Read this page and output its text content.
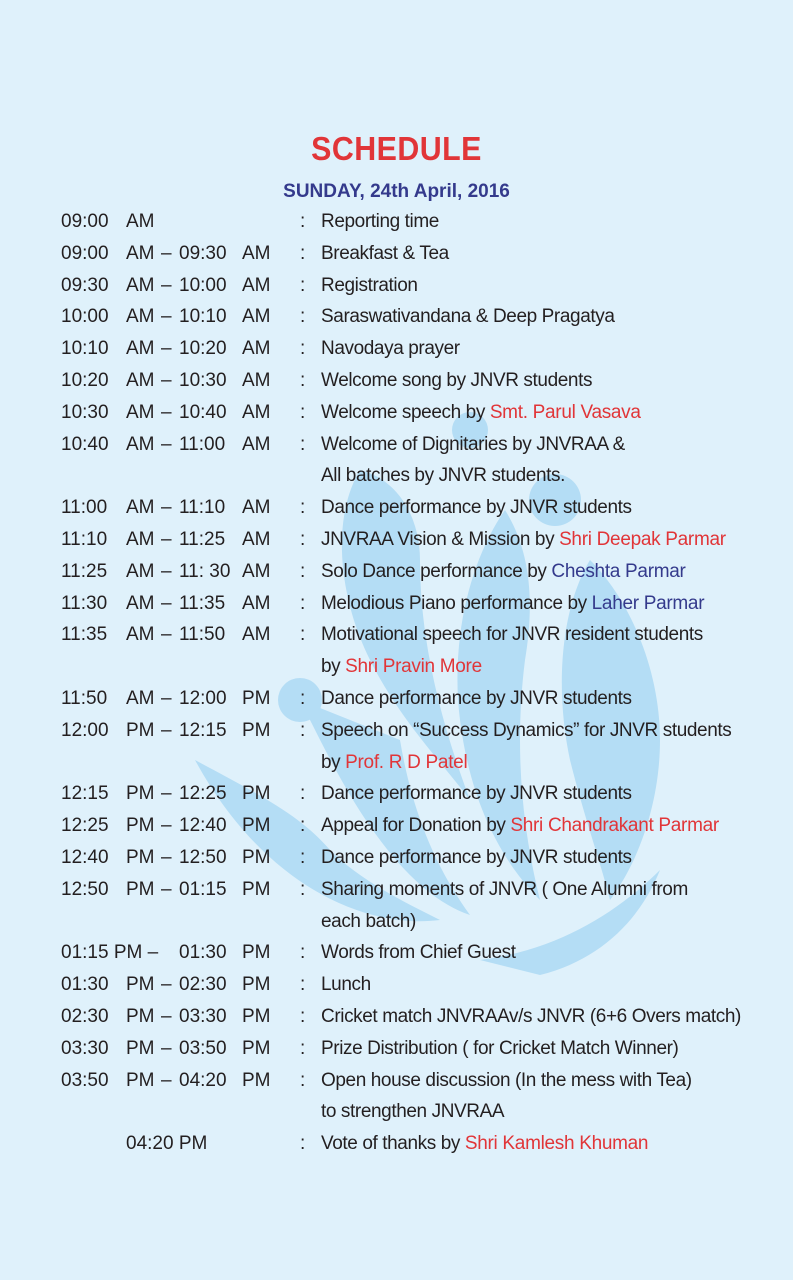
SCHEDULE
SUNDAY, 24th April, 2016
09:00 AM	: Reporting time
09:00 AM – 09:30 AM : Breakfast & Tea
09:30 AM – 10:00 AM : Registration
10:00 AM – 10:10 AM : Saraswativandana & Deep Pragatya
10:10 AM – 10:20 AM : Navodaya prayer
10:20 AM – 10:30 AM : Welcome song by JNVR students
10:30 AM – 10:40 AM : Welcome speech by Smt. Parul Vasava
10:40 AM – 11:00 AM : Welcome of Dignitaries by JNVRAA &
All batches by JNVR students.
11:00 AM – 11:10 AM : Dance performance by JNVR students
11:10 AM – 11:25 AM : JNVRAA Vision & Mission by Shri Deepak Parmar
11:25 AM – 11: 30 AM : Solo Dance performance by Cheshta Parmar
11:30 AM – 11:35 AM : Melodious Piano performance by Laher Parmar
11:35 AM – 11:50 AM : Motivational speech for JNVR resident students
by Shri Pravin More
11:50 AM – 12:00 PM : Dance performance by JNVR students
12:00 PM – 12:15 PM : Speech on “Success Dynamics” for JNVR students
by Prof. R D Patel
12:15 PM – 12:25 PM : Dance performance by JNVR students
12:25 PM – 12:40 PM : Appeal for Donation by Shri Chandrakant Parmar
12:40 PM – 12:50 PM : Dance performance by JNVR students
12:50 PM – 01:15 PM : Sharing moments of JNVR ( One Alumni from
each batch)
01:15 PM – 01:30 PM : Words from Chief Guest
01:30 PM – 02:30 PM : Lunch
02:30 PM – 03:30 PM : Cricket match JNVRAAv/s JNVR (6+6 Overs match)
03:30 PM – 03:50 PM : Prize Distribution ( for Cricket Match Winner)
03:50 PM – 04:20 PM : Open house discussion (In the mess with Tea)
to strengthen JNVRAA
04:20 PM	: Vote of thanks by Shri Kamlesh Khuman
